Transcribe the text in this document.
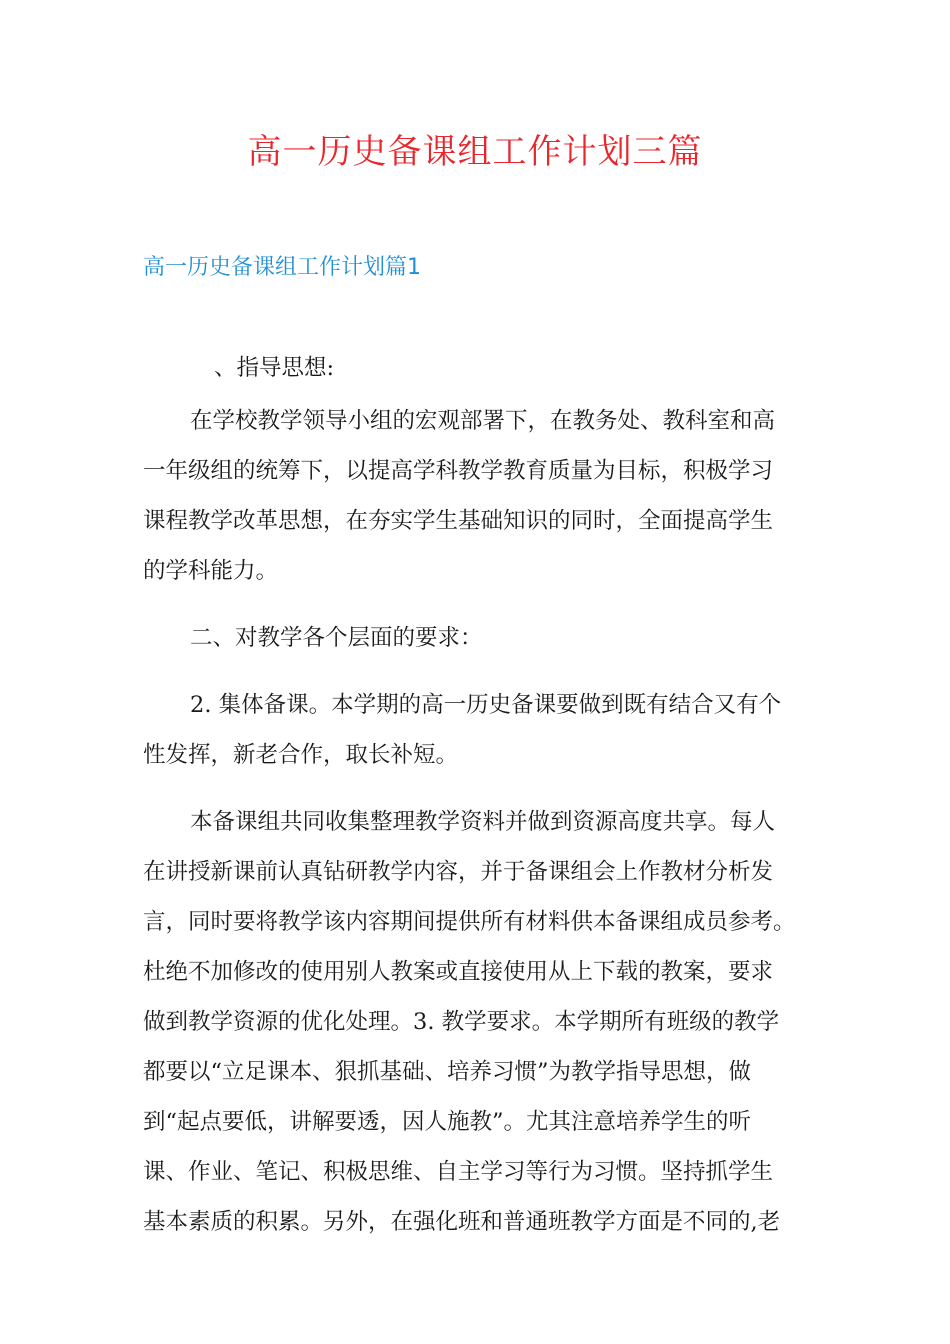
高一历史备课组工作计划三篇
高一历史备课组工作计划篇1

、指导思想:

在学校教学领导小组的宏观部署下，在教务处、教科室和高

一年级组的统筹下，以提高学科教学教育质量为目标，积极学习

课程教学改革思想，在夯实学生基础知识的同时，全面提高学生

的学科能力。

二、对教学各个层面的要求：

2. 集体备课。本学期的高一历史备课要做到既有结合又有个

性发挥，新老合作，取长补短。

本备课组共同收集整理教学资料并做到资源高度共享。每人

在讲授新课前认真钻研教学内容，并于备课组会上作教材分析发

言，同时要将教学该内容期间提供所有材料供本备课组成员参考。

杜绝不加修改的使用别人教案或直接使用从上下载的教案，要求

做到教学资源的优化处理。3. 教学要求。本学期所有班级的教学

都要以“立足课本、狠抓基础、培养习惯”为教学指导思想，做

到“起点要低，讲解要透，因人施教”。尤其注意培养学生的听

课、作业、笔记、积极思维、自主学习等行为习惯。坚持抓学生

基本素质的积累。另外，在强化班和普通班教学方面是不同的,老
